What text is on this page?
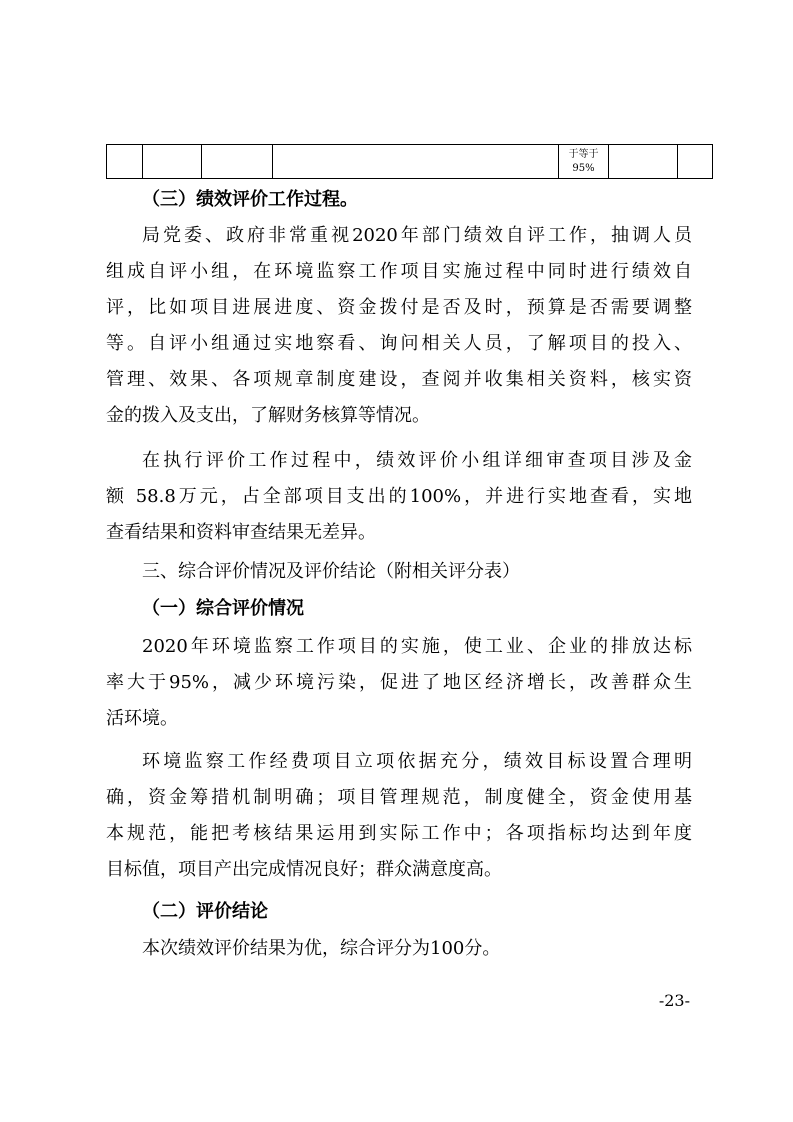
于等于
95%

（三）绩效评价工作过程。
局党委、政府非常重视2020年部门绩效自评工作，抽调人员
组成自评小组，在环境监察工作项目实施过程中同时进行绩效自
评，比如项目进展进度、资金拨付是否及时，预算是否需要调整
等。自评小组通过实地察看、询问相关人员，了解项目的投入、
管理、效果、各项规章制度建设，查阅并收集相关资料，核实资
金的拨入及支出，了解财务核算等情况。
在执行评价工作过程中，绩效评价小组详细审查项目涉及金
额 58.8万元，占全部项目支出的100%，并进行实地查看，实地
查看结果和资料审查结果无差异。
三、综合评价情况及评价结论（附相关评分表）
（一）综合评价情况
2020年环境监察工作项目的实施，使工业、企业的排放达标
率大于95%，减少环境污染，促进了地区经济增长，改善群众生
活环境。
环境监察工作经费项目立项依据充分，绩效目标设置合理明
确，资金筹措机制明确；项目管理规范，制度健全，资金使用基
本规范，能把考核结果运用到实际工作中；各项指标均达到年度
目标值，项目产出完成情况良好；群众满意度高。
（二）评价结论
本次绩效评价结果为优，综合评分为100分。
-23-
